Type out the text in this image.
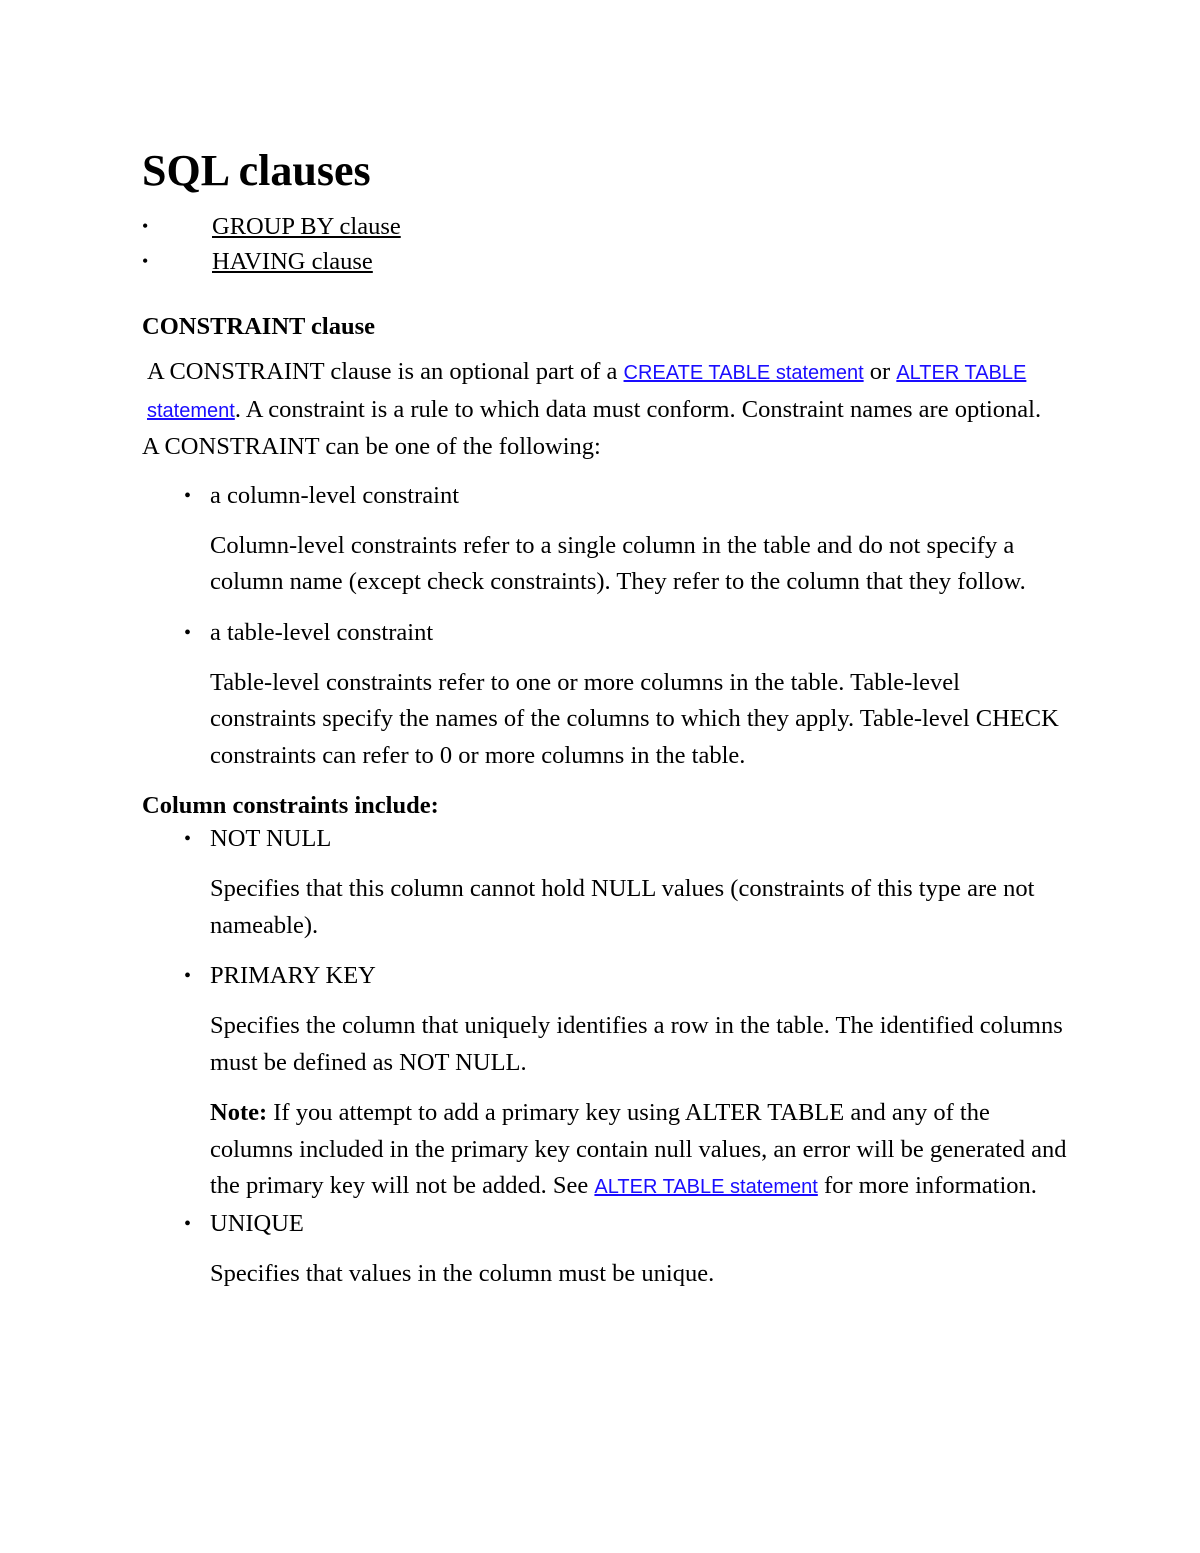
SQL clauses
•	GROUP BY clause
•	HAVING clause
CONSTRAINT clause

A CONSTRAINT clause is an optional part of a CREATE TABLE statement or ALTER TABLE statement. A constraint is a rule to which data must conform. Constraint names are optional.

A CONSTRAINT can be one of the following:

• a column-level constraint

Column-level constraints refer to a single column in the table and do not specify a column name (except check constraints). They refer to the column that they follow.

• a table-level constraint

Table-level constraints refer to one or more columns in the table. Table-level constraints specify the names of the columns to which they apply. Table-level CHECK constraints can refer to 0 or more columns in the table.

Column constraints include:
• NOT NULL

Specifies that this column cannot hold NULL values (constraints of this type are not nameable).

• PRIMARY KEY

Specifies the column that uniquely identifies a row in the table. The identified columns must be defined as NOT NULL.

Note: If you attempt to add a primary key using ALTER TABLE and any of the columns included in the primary key contain null values, an error will be generated and the primary key will not be added. See ALTER TABLE statement for more information.

• UNIQUE

Specifies that values in the column must be unique.
